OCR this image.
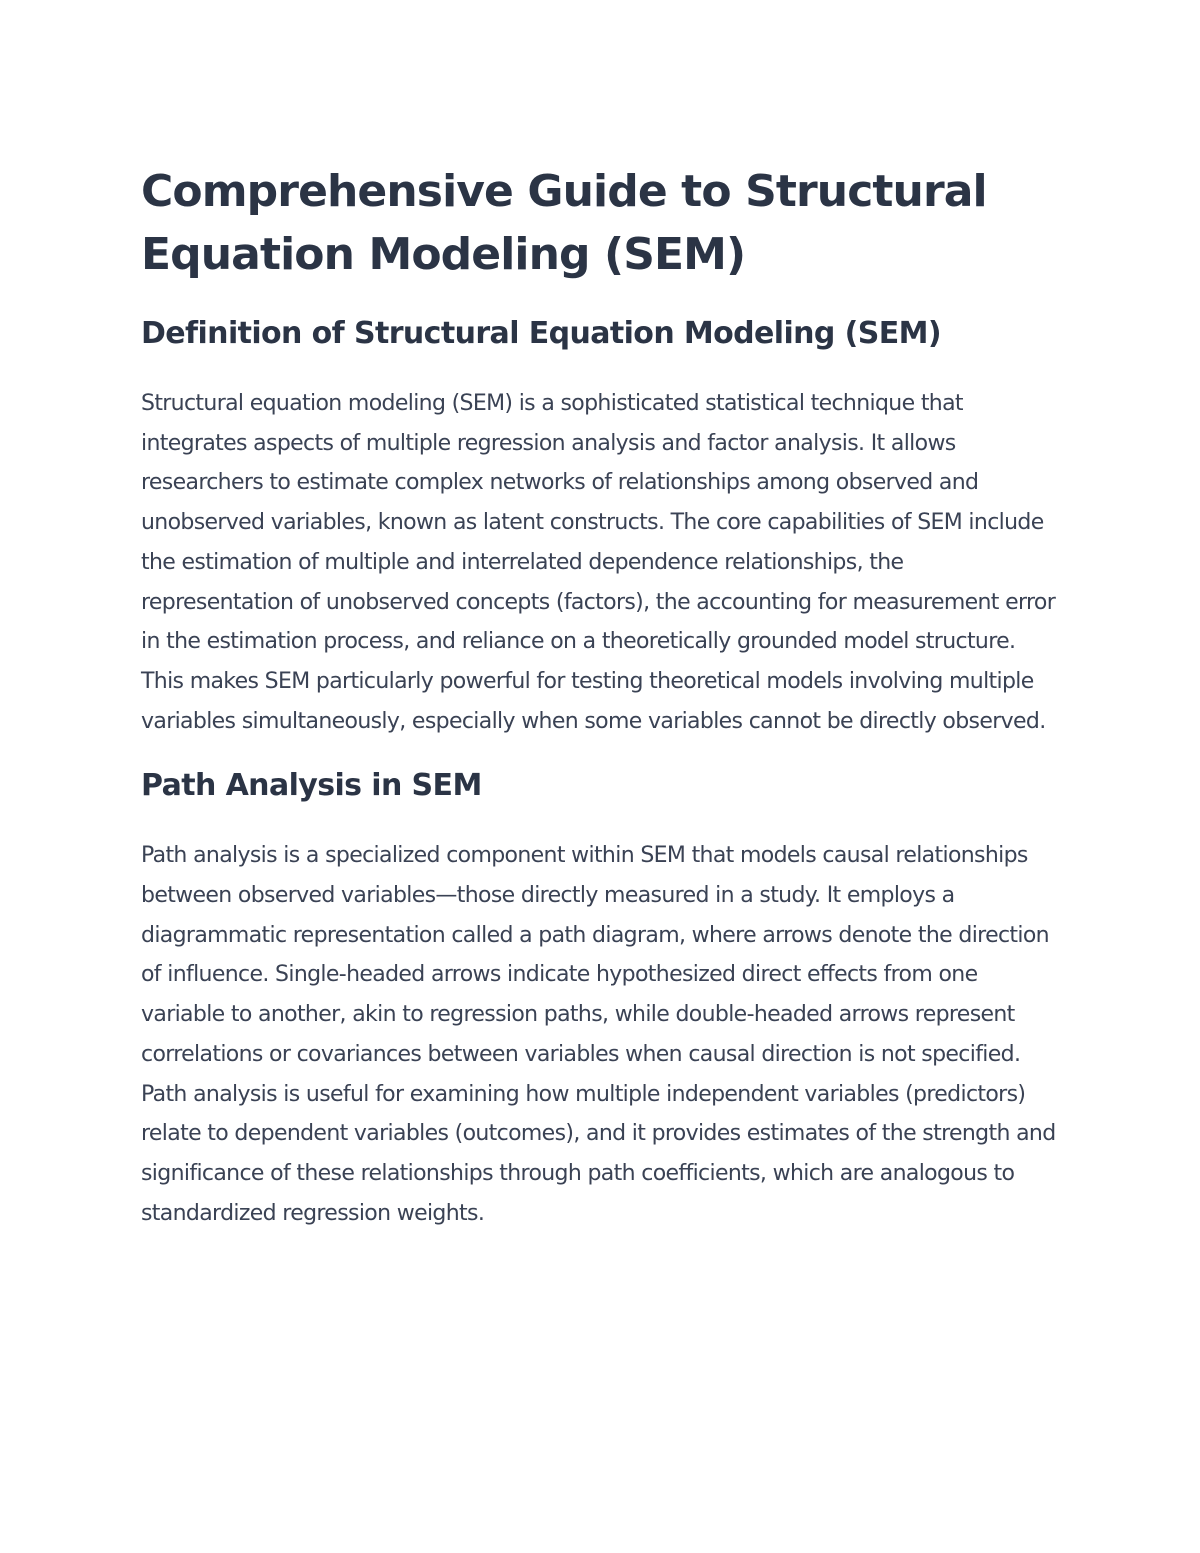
Comprehensive Guide to Structural Equation Modeling (SEM)
Definition of Structural Equation Modeling (SEM)

Structural equation modeling (SEM) is a sophisticated statistical technique that integrates aspects of multiple regression analysis and factor analysis. It allows researchers to estimate complex networks of relationships among observed and unobserved variables, known as latent constructs. The core capabilities of SEM include the estimation of multiple and interrelated dependence relationships, the representation of unobserved concepts (factors), the accounting for measurement error in the estimation process, and reliance on a theoretically grounded model structure. This makes SEM particularly powerful for testing theoretical models involving multiple variables simultaneously, especially when some variables cannot be directly observed.

Path Analysis in SEM

Path analysis is a specialized component within SEM that models causal relationships between observed variables—those directly measured in a study. It employs a diagrammatic representation called a path diagram, where arrows denote the direction of influence. Single-headed arrows indicate hypothesized direct effects from one variable to another, akin to regression paths, while double-headed arrows represent correlations or covariances between variables when causal direction is not specified. Path analysis is useful for examining how multiple independent variables (predictors) relate to dependent variables (outcomes), and it provides estimates of the strength and significance of these relationships through path coefficients, which are analogous to standardized regression weights.
